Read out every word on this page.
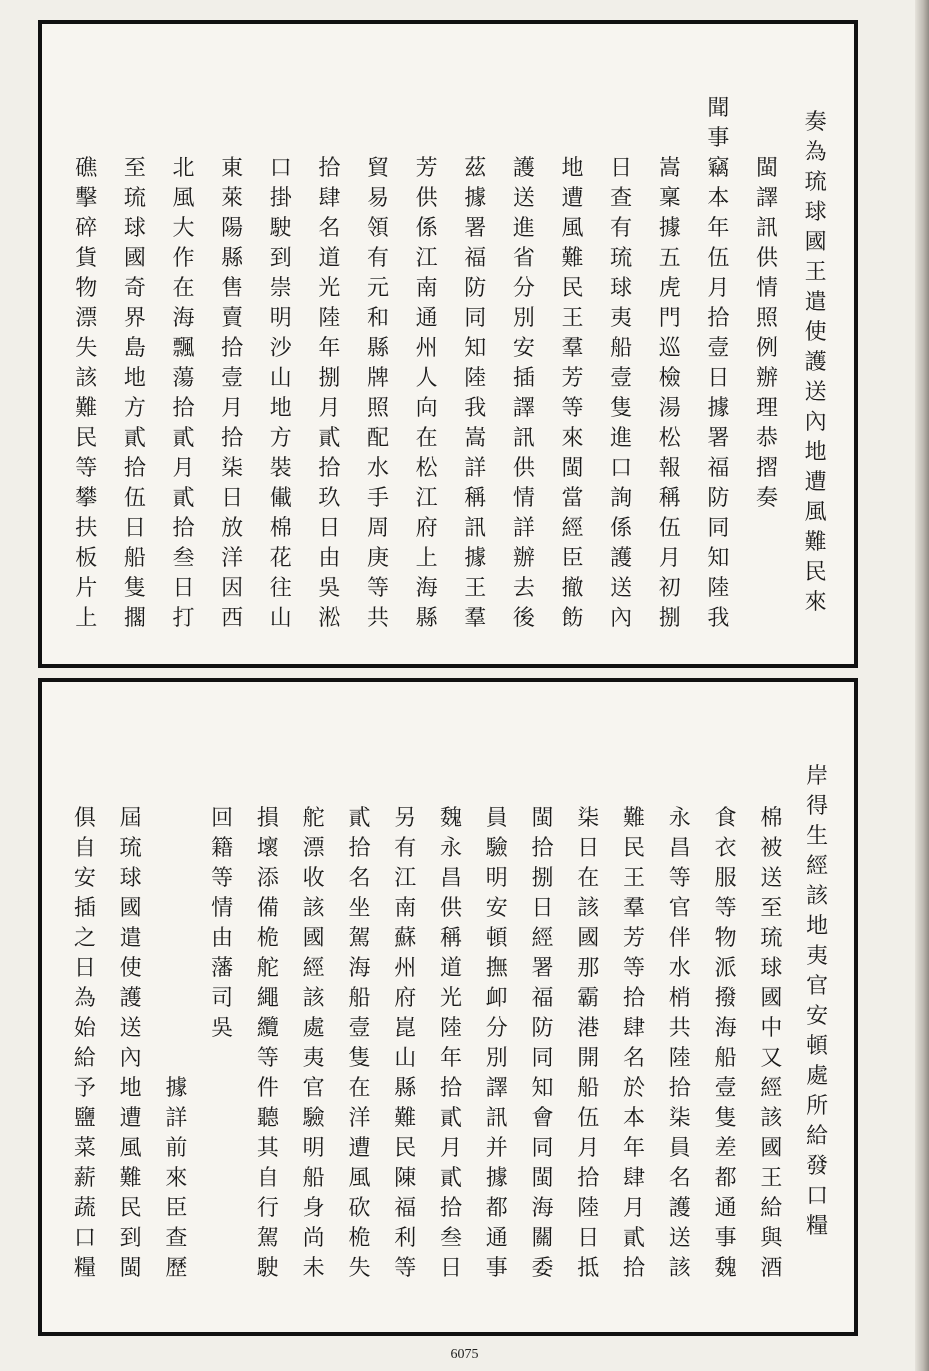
奏
為
琉
球
國
王
遣
使
護
送
內
地
遭
風
難
民
來
閩
譯
訊
供
情
照
例
辦
理
恭
摺
奏
聞
事
竊
本
年
伍
月
拾
壹
日
據
署
福
防
同
知
陸
我
嵩
稟
據
五
虎
門
巡
檢
湯
松
報
稱
伍
月
初
捌
日
查
有
琉
球
夷
船
壹
隻
進
口
詢
係
護
送
內
地
遭
風
難
民
王
羣
芳
等
來
閩
當
經
臣
撤
飭
護
送
進
省
分
別
安
插
譯
訊
供
情
詳
辦
去
後
茲
據
署
福
防
同
知
陸
我
嵩
詳
稱
訊
據
王
羣
芳
供
係
江
南
通
州
人
向
在
松
江
府
上
海
縣
貿
易
領
有
元
和
縣
牌
照
配
水
手
周
庚
等
共
拾
肆
名
道
光
陸
年
捌
月
貳
拾
玖
日
由
吳
淞
口
掛
駛
到
崇
明
沙
山
地
方
裝
儎
棉
花
往
山
東
萊
陽
縣
售
賣
拾
壹
月
拾
柒
日
放
洋
因
西
北
風
大
作
在
海
飄
蕩
拾
貳
月
貳
拾
叁
日
打
至
琉
球
國
奇
界
島
地
方
貳
拾
伍
日
船
隻
擱
礁
擊
碎
貨
物
漂
失
該
難
民
等
攀
扶
板
片
上
岸
得
生
經
該
地
夷
官
安
頓
處
所
給
發
口
糧
棉
被
送
至
琉
球
國
中
又
經
該
國
王
給
與
酒
食
衣
服
等
物
派
撥
海
船
壹
隻
差
都
通
事
魏
永
昌
等
官
伴
水
梢
共
陸
拾
柒
員
名
護
送
該
難
民
王
羣
芳
等
拾
肆
名
於
本
年
肆
月
貳
拾
柒
日
在
該
國
那
霸
港
開
船
伍
月
拾
陸
日
抵
閩
拾
捌
日
經
署
福
防
同
知
會
同
閩
海
關
委
員
驗
明
安
頓
撫
卹
分
別
譯
訊
并
據
都
通
事
魏
永
昌
供
稱
道
光
陸
年
拾
貳
月
貳
拾
叁
日
另
有
江
南
蘇
州
府
崑
山
縣
難
民
陳
福
利
等
貳
拾
名
坐
駕
海
船
壹
隻
在
洋
遭
風
砍
桅
失
舵
漂
收
該
國
經
該
處
夷
官
驗
明
船
身
尚
未
損
壞
添
備
桅
舵
繩
纜
等
件
聽
其
自
行
駕
駛
回
籍
等
情
由
藩
司
吳

據
詳
前
來
臣
查
歷
屆
琉
球
國
遣
使
護
送
內
地
遭
風
難
民
到
閩
俱
自
安
插
之
日
為
始
給
予
鹽
菜
薪
蔬
口
糧
6075
